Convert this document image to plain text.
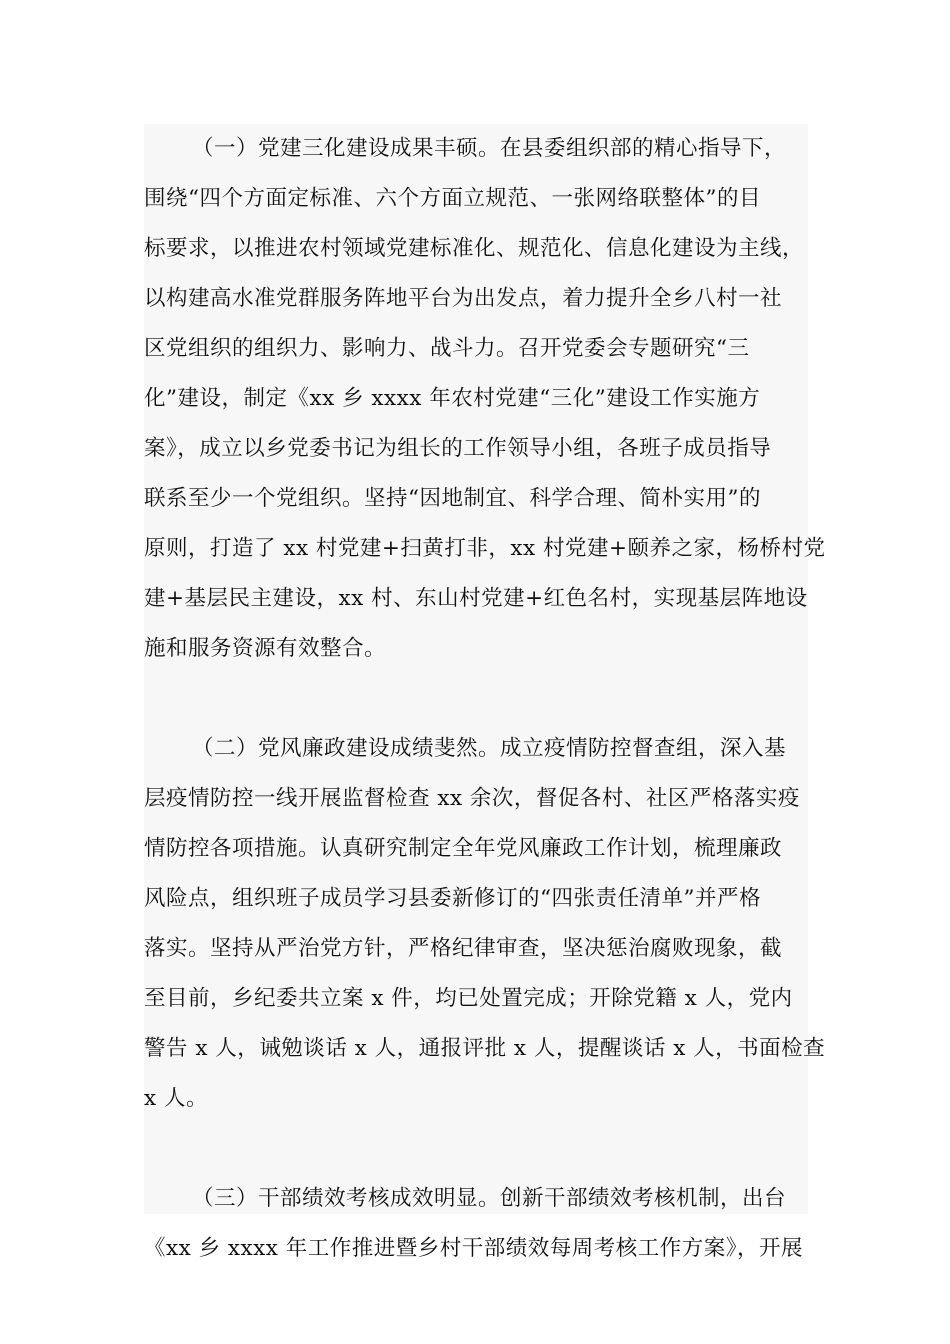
（一）党建三化建设成果丰硕。在县委组织部的精心指导下，
围绕“四个方面定标准、六个方面立规范、一张网络联整体”的目
标要求，以推进农村领域党建标准化、规范化、信息化建设为主线，
以构建高水准党群服务阵地平台为出发点，着力提升全乡八村一社
区党组织的组织力、影响力、战斗力。召开党委会专题研究“三
化”建设，制定《xx 乡 xxxx 年农村党建“三化”建设工作实施方
案》，成立以乡党委书记为组长的工作领导小组，各班子成员指导
联系至少一个党组织。坚持“因地制宜、科学合理、简朴实用”的
原则，打造了 xx 村党建+扫黄打非，xx 村党建+颐养之家，杨桥村党
建+基层民主建设，xx 村、东山村党建+红色名村，实现基层阵地设
施和服务资源有效整合。

（二）党风廉政建设成绩斐然。成立疫情防控督查组，深入基
层疫情防控一线开展监督检查 xx 余次，督促各村、社区严格落实疫
情防控各项措施。认真研究制定全年党风廉政工作计划，梳理廉政
风险点，组织班子成员学习县委新修订的“四张责任清单”并严格
落实。坚持从严治党方针，严格纪律审查，坚决惩治腐败现象，截
至目前，乡纪委共立案 x 件，均已处置完成；开除党籍 x 人，党内
警告 x 人，诫勉谈话 x 人，通报评批 x 人，提醒谈话 x 人，书面检查
x 人。

（三）干部绩效考核成效明显。创新干部绩效考核机制，出台
《xx 乡 xxxx 年工作推进暨乡村干部绩效每周考核工作方案》，开展
